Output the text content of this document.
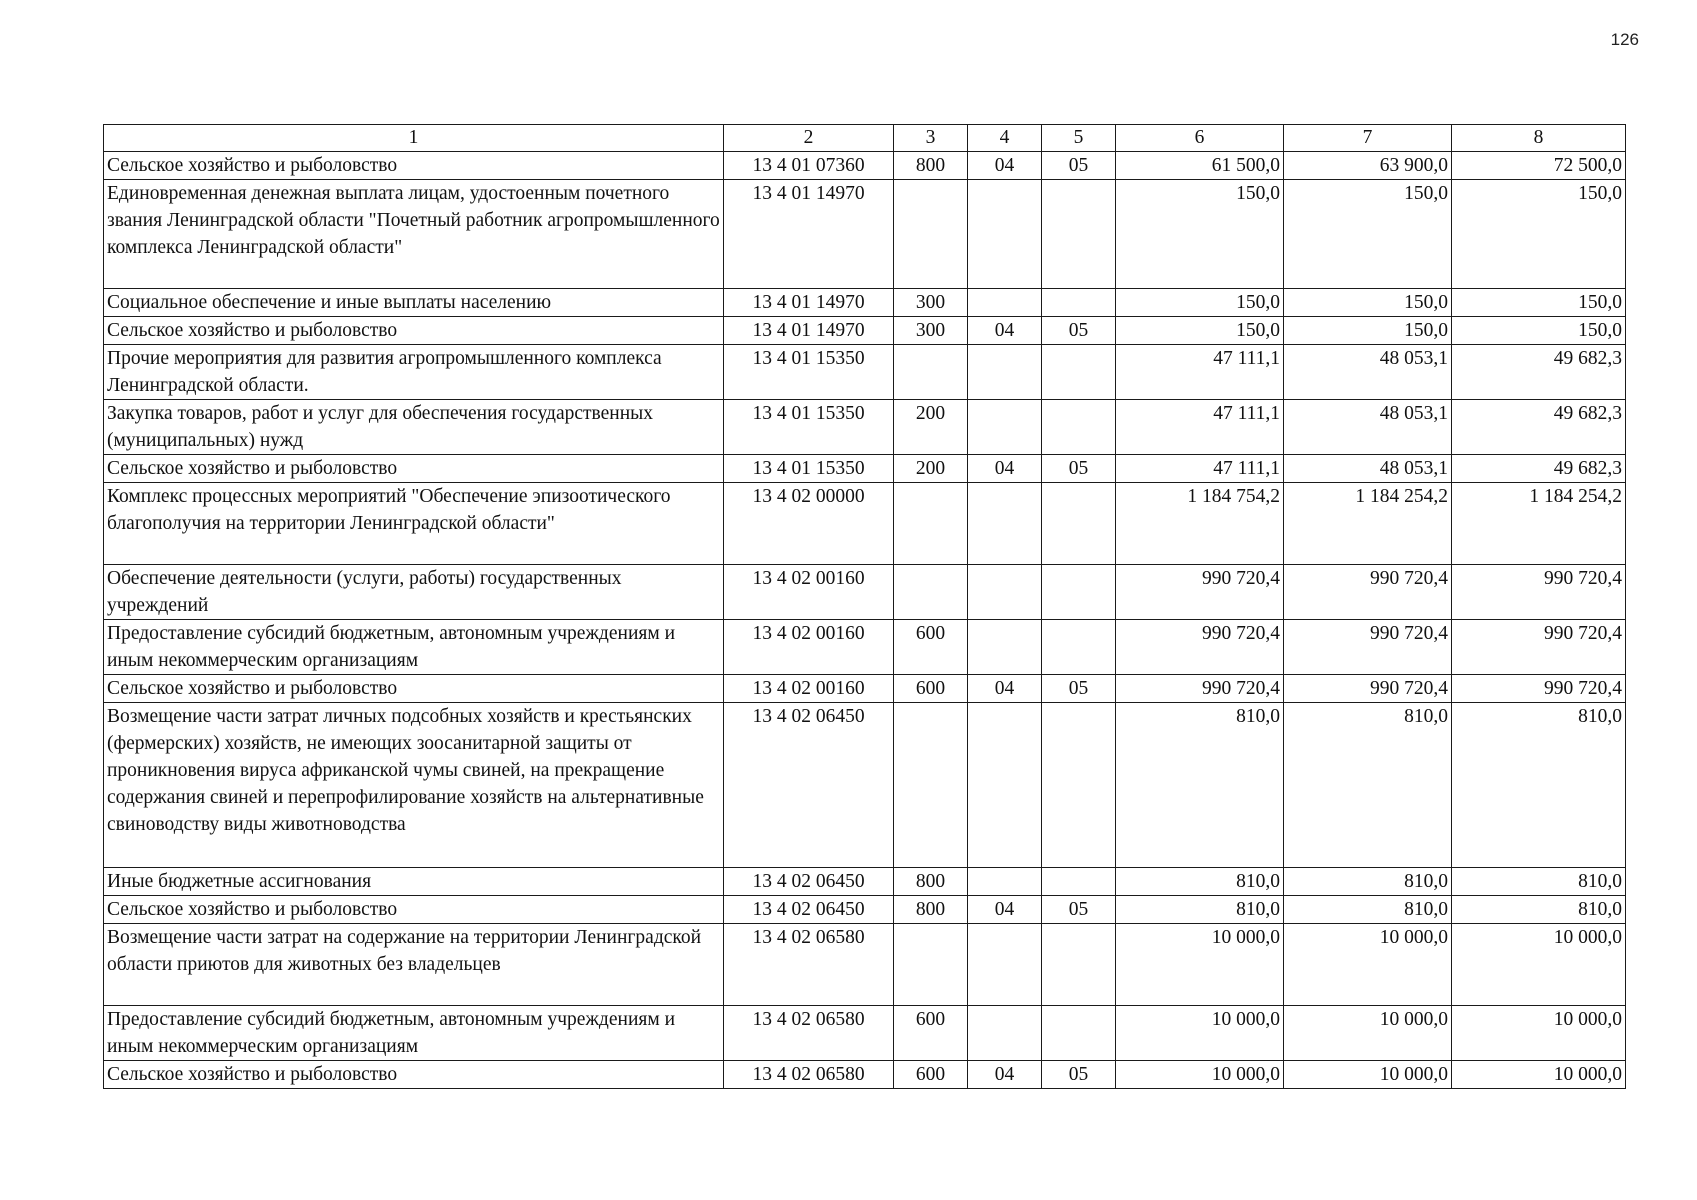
126
1	2	3	4	5	6	7	8
Сельское хозяйство и рыболовство	13 4 01 07360	800	04	05	61 500,0	63 900,0	72 500,0
Единовременная денежная выплата лицам, удостоенным почетного звания Ленинградской области "Почетный работник агропромышленного комплекса Ленинградской области"	13 4 01 14970				150,0	150,0	150,0
Социальное обеспечение и иные выплаты населению	13 4 01 14970	300			150,0	150,0	150,0
Сельское хозяйство и рыболовство	13 4 01 14970	300	04	05	150,0	150,0	150,0
Прочие мероприятия для развития агропромышленного комплекса Ленинградской области.	13 4 01 15350				47 111,1	48 053,1	49 682,3
Закупка товаров, работ и услуг для обеспечения государственных (муниципальных) нужд	13 4 01 15350	200			47 111,1	48 053,1	49 682,3
Сельское хозяйство и рыболовство	13 4 01 15350	200	04	05	47 111,1	48 053,1	49 682,3
Комплекс процессных мероприятий "Обеспечение эпизоотического благополучия на территории Ленинградской области"	13 4 02 00000				1 184 754,2	1 184 254,2	1 184 254,2
Обеспечение деятельности (услуги, работы) государственных учреждений	13 4 02 00160				990 720,4	990 720,4	990 720,4
Предоставление субсидий бюджетным, автономным учреждениям и иным некоммерческим организациям	13 4 02 00160	600			990 720,4	990 720,4	990 720,4
Сельское хозяйство и рыболовство	13 4 02 00160	600	04	05	990 720,4	990 720,4	990 720,4
Возмещение части затрат личных подсобных хозяйств и крестьянских (фермерских) хозяйств, не имеющих зоосанитарной защиты от проникновения вируса африканской чумы свиней, на прекращение содержания свиней и перепрофилирование хозяйств на альтернативные свиноводству виды животноводства	13 4 02 06450				810,0	810,0	810,0
Иные бюджетные ассигнования	13 4 02 06450	800			810,0	810,0	810,0
Сельское хозяйство и рыболовство	13 4 02 06450	800	04	05	810,0	810,0	810,0
Возмещение части затрат на содержание на территории Ленинградской области приютов для животных без владельцев	13 4 02 06580				10 000,0	10 000,0	10 000,0
Предоставление субсидий бюджетным, автономным учреждениям и иным некоммерческим организациям	13 4 02 06580	600			10 000,0	10 000,0	10 000,0
Сельское хозяйство и рыболовство	13 4 02 06580	600	04	05	10 000,0	10 000,0	10 000,0
